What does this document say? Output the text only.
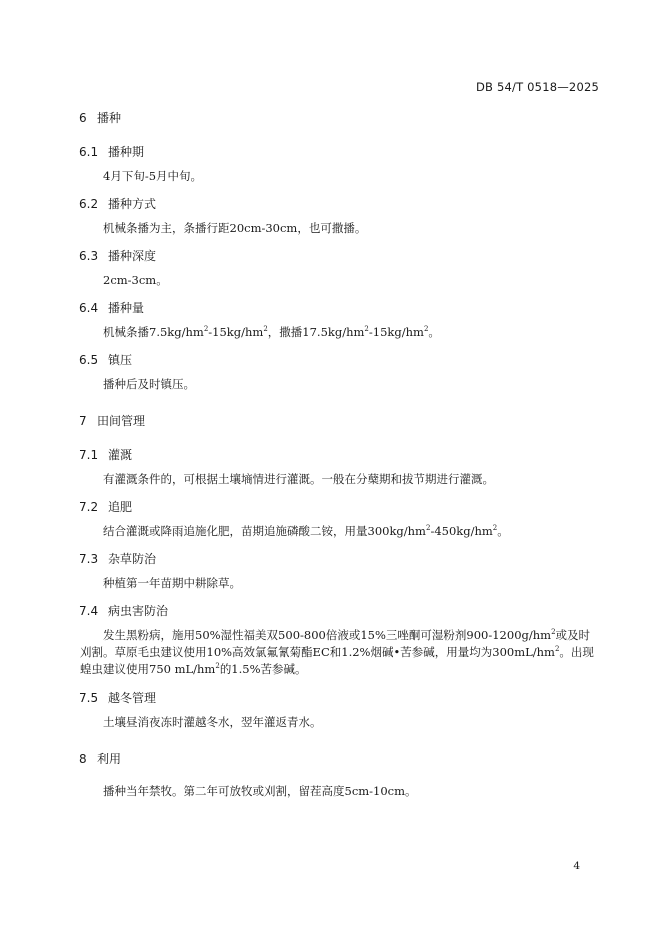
DB 54/T 0518—2025
6 播种
6.1 播种期
4月下旬-5月中旬。
6.2 播种方式
机械条播为主，条播行距20cm-30cm，也可撒播。
6.3 播种深度
2cm-3cm。
6.4 播种量
机械条播$7.5kg/hm^2-15kg/hm^2$，撒播$17.5kg/hm^2-15kg/hm^2$。
6.5 镇压
播种后及时镇压。
7 田间管理
7.1 灌溉
有灌溉条件的，可根据土壤墒情进行灌溉。一般在分蘖期和拔节期进行灌溉。
7.2 追肥
结合灌溉或降雨追施化肥，苗期追施磷酸二铵，用量$300kg/hm^2-450kg/hm^2$。
7.3 杂草防治
种植第一年苗期中耕除草。
7.4 病虫害防治
发生黑粉病，施用50%湿性福美双500-800倍液或15%三唑酮可湿粉剂$900-1200g/hm^2$或及时刈割。草原毛虫建议使用10%高效氯氟氰菊酯EC和1.2%烟碱•苦参碱，用量均为$300mL/hm^2$。出现蝗虫建议使用750 $mL/hm^2$的1.5%苦参碱。
7.5 越冬管理
土壤昼消夜冻时灌越冬水，翌年灌返青水。
8 利用
播种当年禁牧。第二年可放牧或刈割，留茬高度5cm-10cm。
4
